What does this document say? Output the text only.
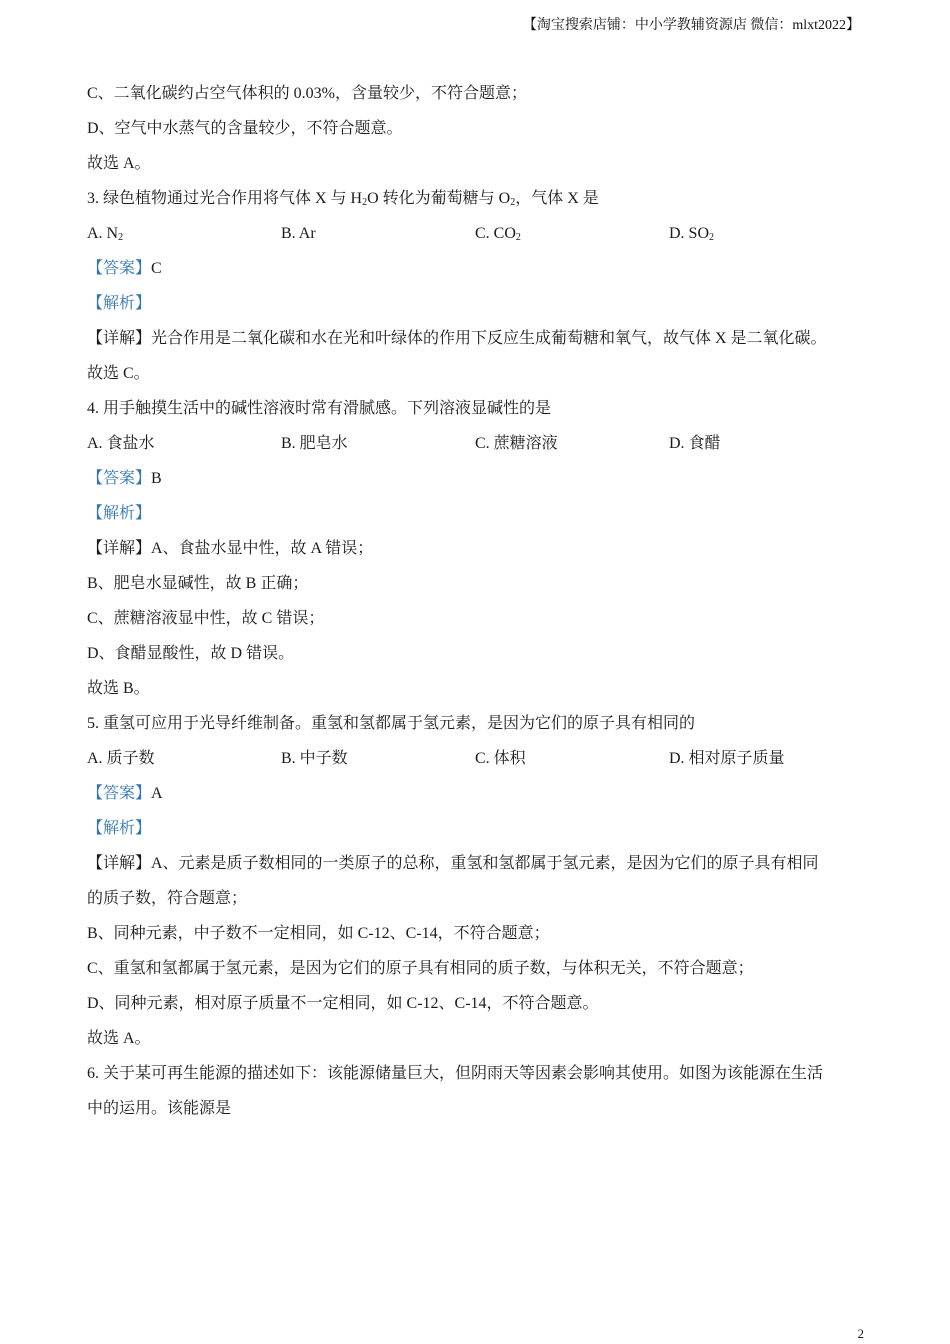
【淘宝搜索店铺：中小学教辅资源店 微信：mlxt2022】
C、二氧化碳约占空气体积的 0.03%，含量较少，不符合题意；
D、空气中水蒸气的含量较少，不符合题意。
故选 A。
3. 绿色植物通过光合作用将气体 X 与 $H_2O$ 转化为葡萄糖与 $O_2$，气体 X 是
A. $N_2$	B. Ar	C. $CO_2$	D. $SO_2$
【答案】C
【解析】
【详解】光合作用是二氧化碳和水在光和叶绿体的作用下反应生成葡萄糖和氧气，故气体 X 是二氧化碳。
故选 C。
4. 用手触摸生活中的碱性溶液时常有滑腻感。下列溶液显碱性的是
A. 食盐水	B. 肥皂水	C. 蔗糖溶液	D. 食醋
【答案】B
【解析】
【详解】A、食盐水显中性，故 A 错误；
B、肥皂水显碱性，故 B 正确；
C、蔗糖溶液显中性，故 C 错误；
D、食醋显酸性，故 D 错误。
故选 B。
5. 重氢可应用于光导纤维制备。重氢和氢都属于氢元素，是因为它们的原子具有相同的
A. 质子数	B. 中子数	C. 体积	D. 相对原子质量
【答案】A
【解析】
【详解】A、元素是质子数相同的一类原子的总称，重氢和氢都属于氢元素，是因为它们的原子具有相同
的质子数，符合题意；
B、同种元素，中子数不一定相同，如 C-12、C-14，不符合题意；
C、重氢和氢都属于氢元素，是因为它们的原子具有相同的质子数，与体积无关，不符合题意；
D、同种元素，相对原子质量不一定相同，如 C-12、C-14，不符合题意。
故选 A。
6. 关于某可再生能源的描述如下：该能源储量巨大，但阴雨天等因素会影响其使用。如图为该能源在生活
中的运用。该能源是
2
